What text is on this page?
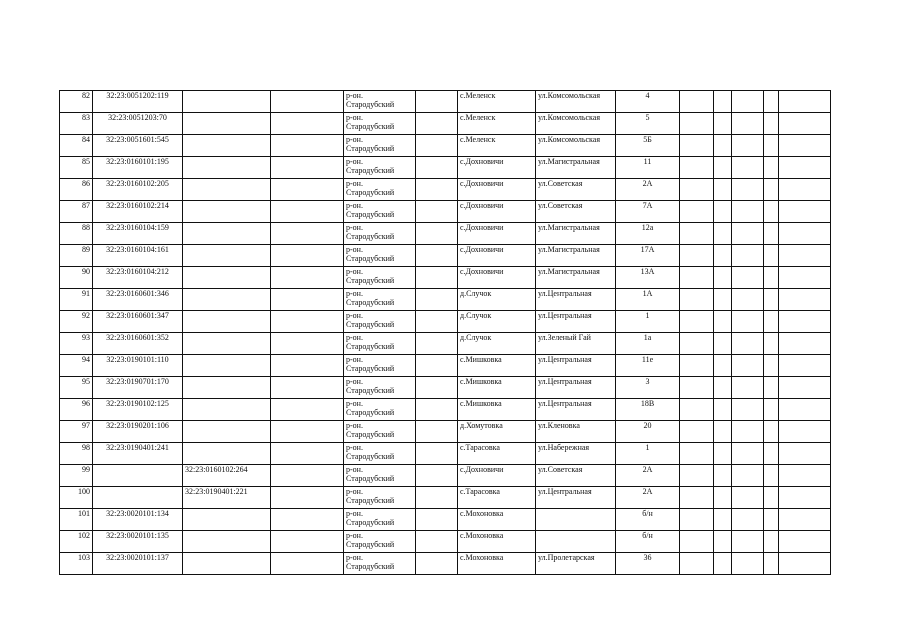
82	32:23:0051202:119			р-он.
Стародубский		с.Меленск	ул.Комсомольская	4					
83	32:23:0051203:70			р-он.
Стародубский		с.Меленск	ул.Комсомольская	5					
84	32:23:0051601:545			р-он.
Стародубский		с.Меленск	ул.Комсомольская	5Б					
85	32:23:0160101:195			р-он.
Стародубский		с.Дохновичи	ул.Магистральная	11					
86	32:23:0160102:205			р-он.
Стародубский		с.Дохновичи	ул.Советская	2А					
87	32:23:0160102:214			р-он.
Стародубский		с.Дохновичи	ул.Советская	7А					
88	32:23:0160104:159			р-он.
Стародубский		с.Дохновичи	ул.Магистральная	12а					
89	32:23:0160104:161			р-он.
Стародубский		с.Дохновичи	ул.Магистральная	17А					
90	32:23:0160104:212			р-он.
Стародубский		с.Дохновичи	ул.Магистральная	13А					
91	32:23:0160601:346			р-он.
Стародубский		д.Случок	ул.Центральная	1А					
92	32:23:0160601:347			р-он.
Стародубский		д.Случок	ул.Центральная	1					
93	32:23:0160601:352			р-он.
Стародубский		д.Случок	ул.Зеленый Гай	1а					
94	32:23:0190101:110			р-он.
Стародубский		с.Мишковка	ул.Центральная	11е					
95	32:23:0190701:170			р-он.
Стародубский		с.Мишковка	ул.Центральная	3					
96	32:23:0190102:125			р-он.
Стародубский		с.Мишковка	ул.Центральная	18В					
97	32:23:0190201:106			р-он.
Стародубский		д.Хомутовка	ул.Кленовка	20					
98	32:23:0190401:241			р-он.
Стародубский		с.Тарасовка	ул.Набережная	1					
99		32:23:0160102:264		р-он.
Стародубский		с.Дохновичи	ул.Советская	2А					
100		32:23:0190401:221		р-он.
Стародубский		с.Тарасовка	ул.Центральная	2А					
101	32:23:0020101:134			р-он.
Стародубский		с.Мохоновка		б/н					
102	32:23:0020101:135			р-он.
Стародубский		с.Мохоновка		б/н					
103	32:23:0020101:137			р-он.
Стародубский		с.Мохоновка	ул.Пролетарская	36					
